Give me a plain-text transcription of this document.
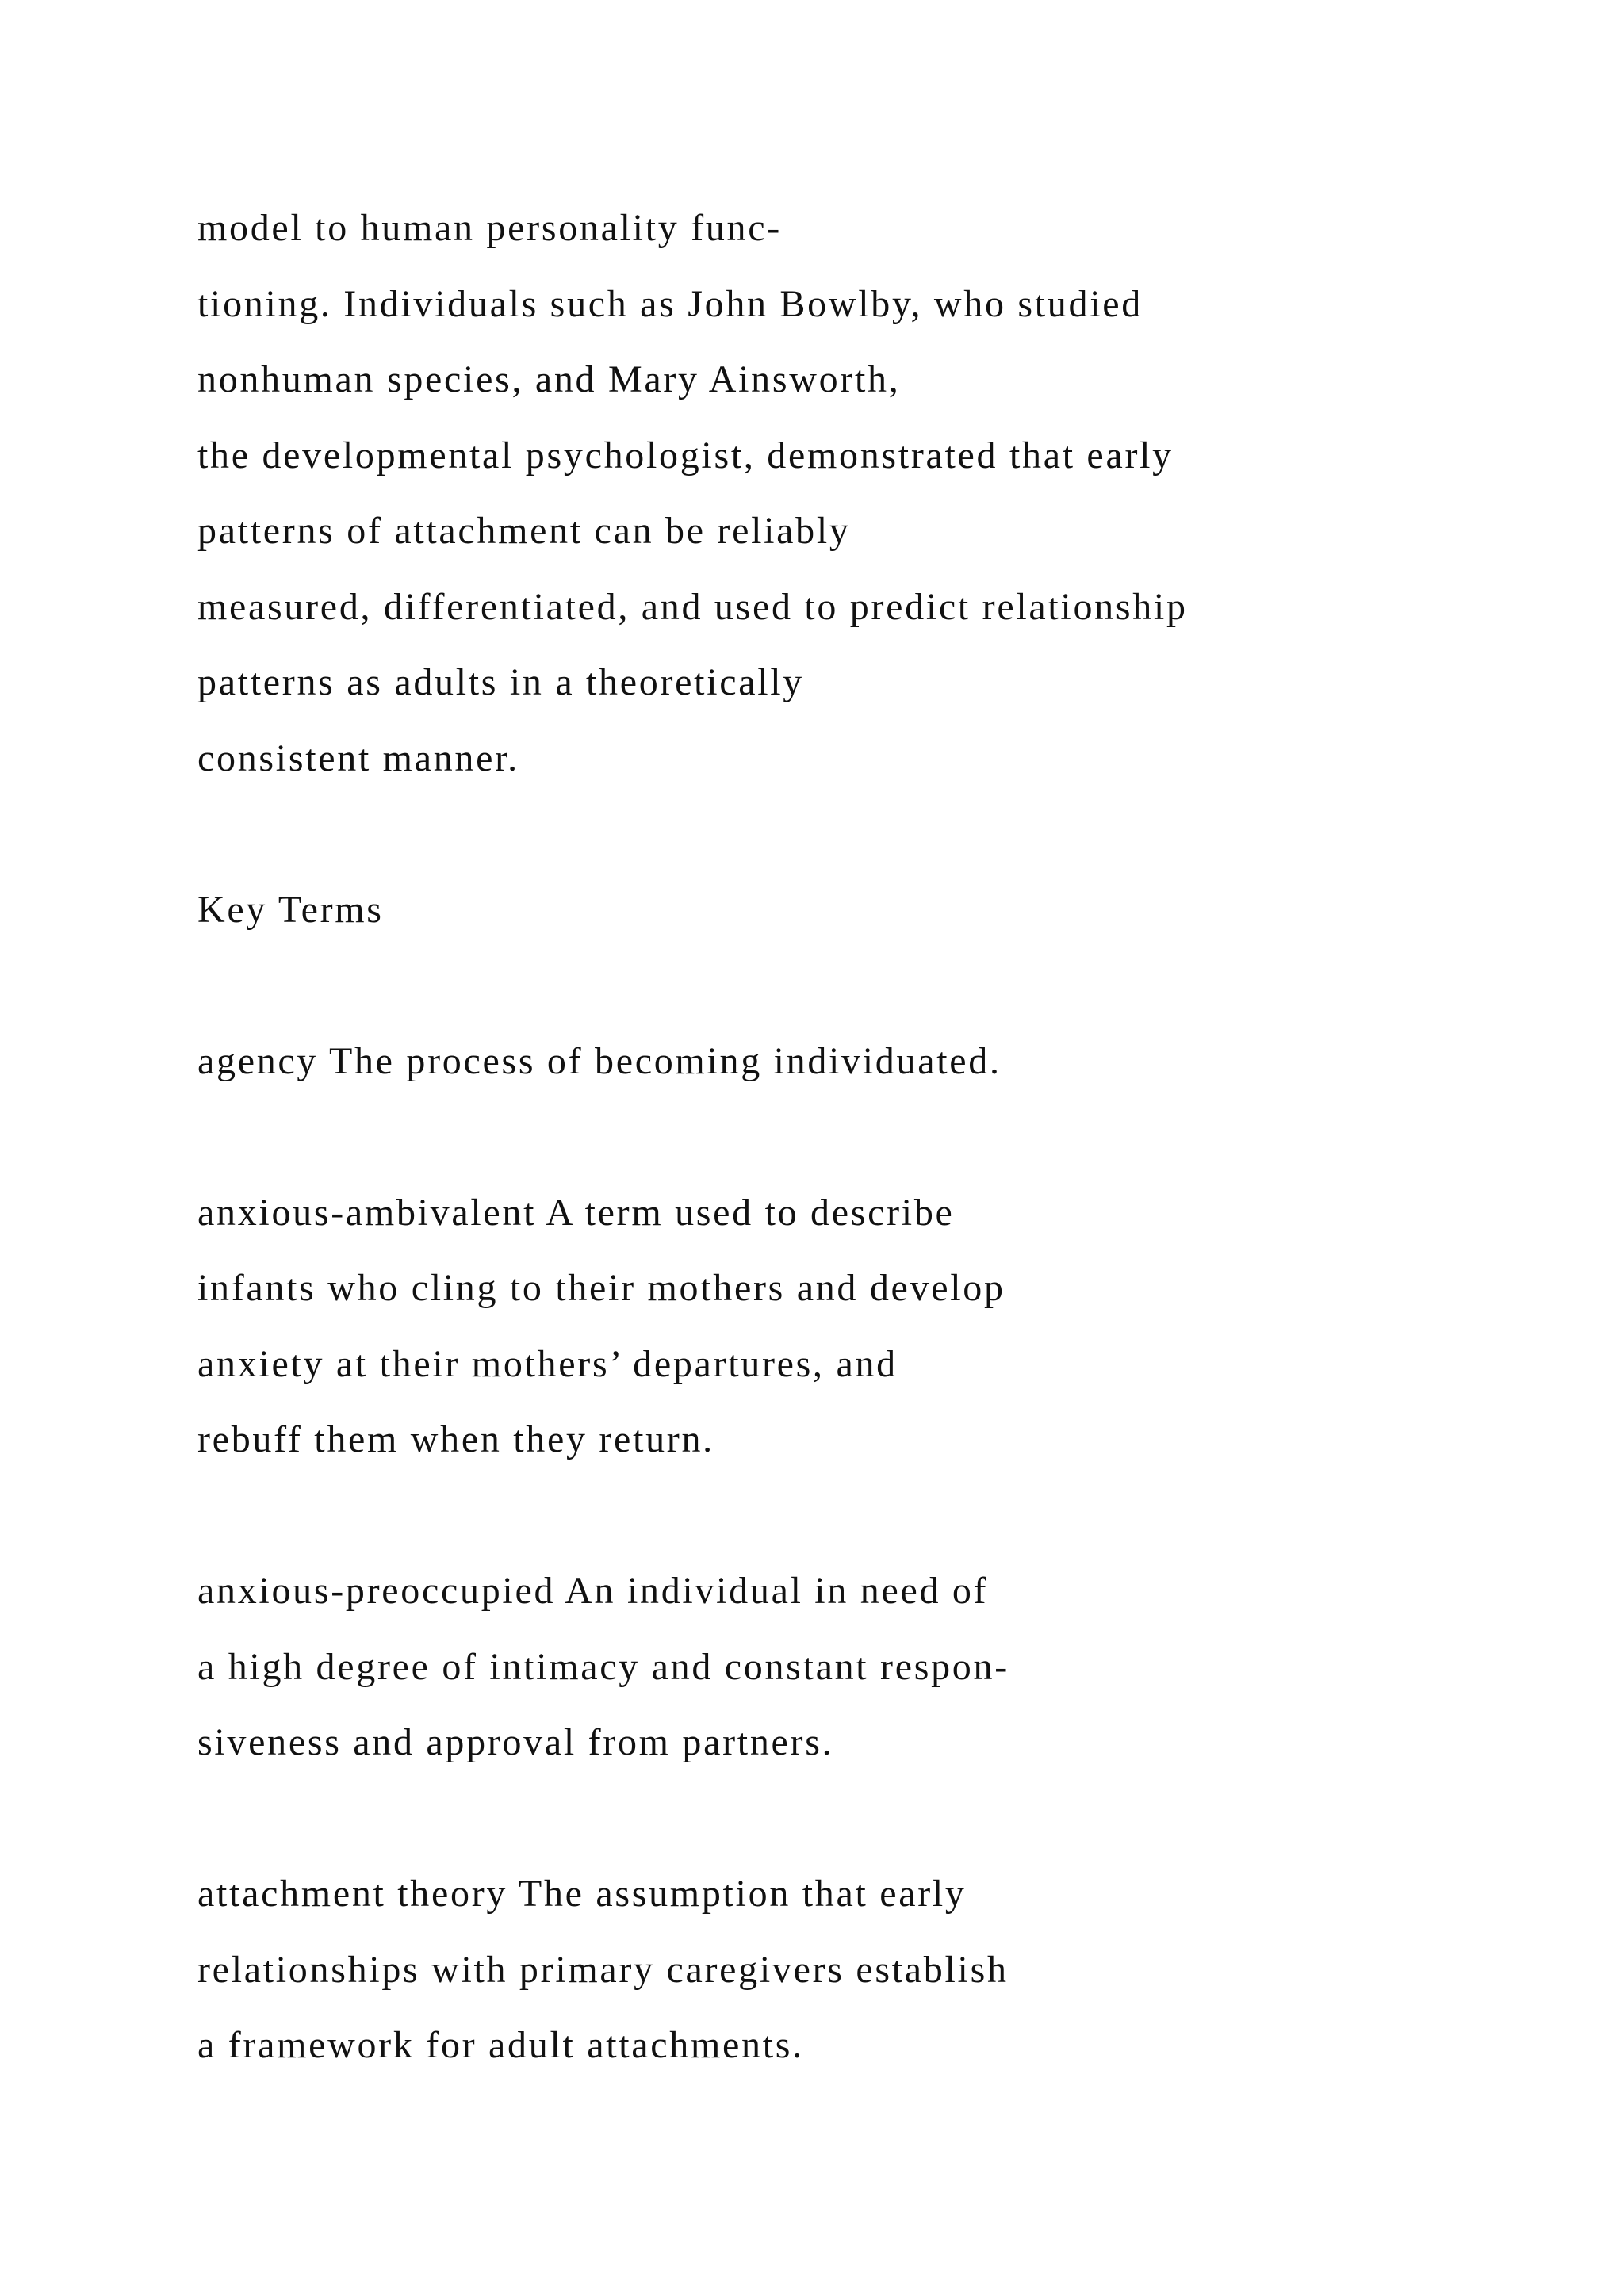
model to human personality func-
tioning. Individuals such as John Bowlby, who studied
nonhuman species, and Mary Ainsworth,
the developmental psychologist, demonstrated that early
patterns of attachment can be reliably
measured, differentiated, and used to predict relationship
patterns as adults in a theoretically
consistent manner.
Key Terms
agency The process of becoming individuated.
anxious-ambivalent A term used to describe
infants who cling to their mothers and develop
anxiety at their mothers’ departures, and
rebuff them when they return.
anxious-preoccupied An individual in need of
a high degree of intimacy and constant respon-
siveness and approval from partners.
attachment theory The assumption that early
relationships with primary caregivers establish
a framework for adult attachments.
